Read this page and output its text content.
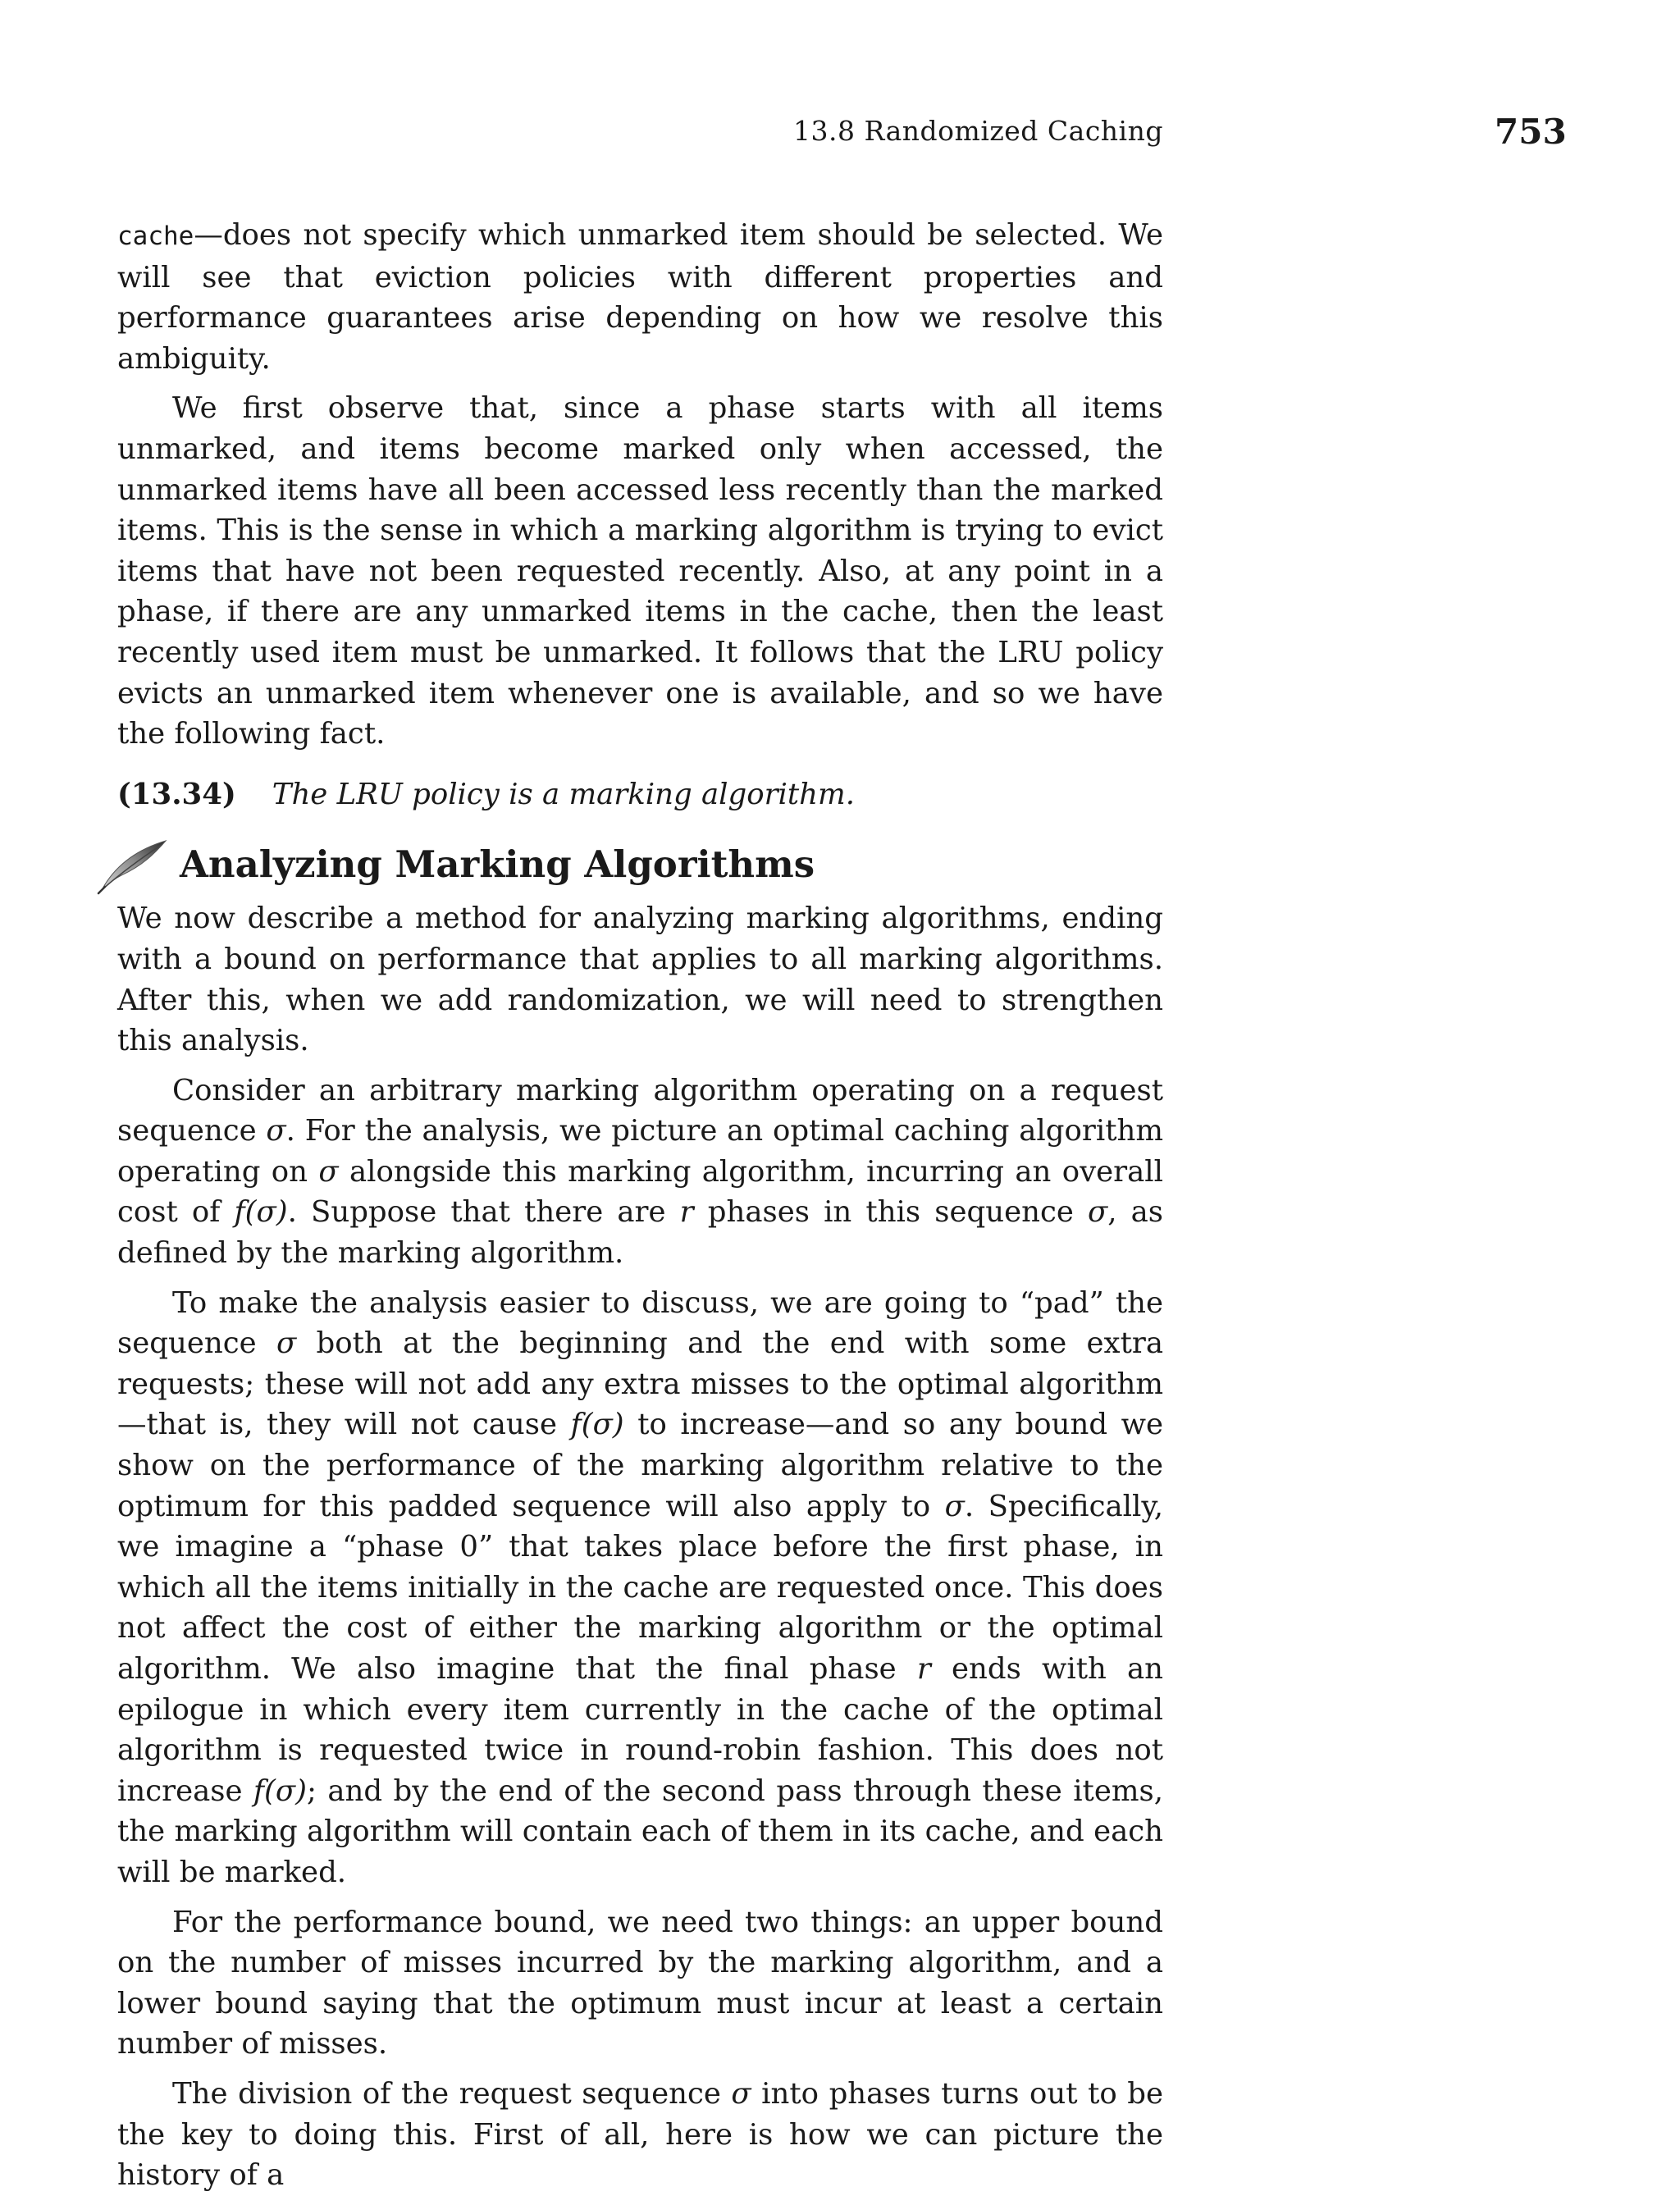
13.8 Randomized Caching	753

cache—does not specify which unmarked item should be selected. We will see that eviction policies with different properties and performance guarantees arise depending on how we resolve this ambiguity.

We first observe that, since a phase starts with all items unmarked, and items become marked only when accessed, the unmarked items have all been accessed less recently than the marked items. This is the sense in which a marking algorithm is trying to evict items that have not been requested recently. Also, at any point in a phase, if there are any unmarked items in the cache, then the least recently used item must be unmarked. It follows that the LRU policy evicts an unmarked item whenever one is available, and so we have the following fact.

(13.34) The LRU policy is a marking algorithm.
Analyzing Marking Algorithms

We now describe a method for analyzing marking algorithms, ending with a bound on performance that applies to all marking algorithms. After this, when we add randomization, we will need to strengthen this analysis.

Consider an arbitrary marking algorithm operating on a request sequence σ. For the analysis, we picture an optimal caching algorithm operating on σ alongside this marking algorithm, incurring an overall cost of f(σ). Suppose that there are r phases in this sequence σ, as defined by the marking algorithm.

To make the analysis easier to discuss, we are going to “pad” the sequence σ both at the beginning and the end with some extra requests; these will not add any extra misses to the optimal algorithm—that is, they will not cause f(σ) to increase—and so any bound we show on the performance of the marking algorithm relative to the optimum for this padded sequence will also apply to σ. Specifically, we imagine a “phase 0” that takes place before the first phase, in which all the items initially in the cache are requested once. This does not affect the cost of either the marking algorithm or the optimal algorithm. We also imagine that the final phase r ends with an epilogue in which every item currently in the cache of the optimal algorithm is requested twice in round-robin fashion. This does not increase f(σ); and by the end of the second pass through these items, the marking algorithm will contain each of them in its cache, and each will be marked.

For the performance bound, we need two things: an upper bound on the number of misses incurred by the marking algorithm, and a lower bound saying that the optimum must incur at least a certain number of misses.

The division of the request sequence σ into phases turns out to be the key to doing this. First of all, here is how we can picture the history of a
